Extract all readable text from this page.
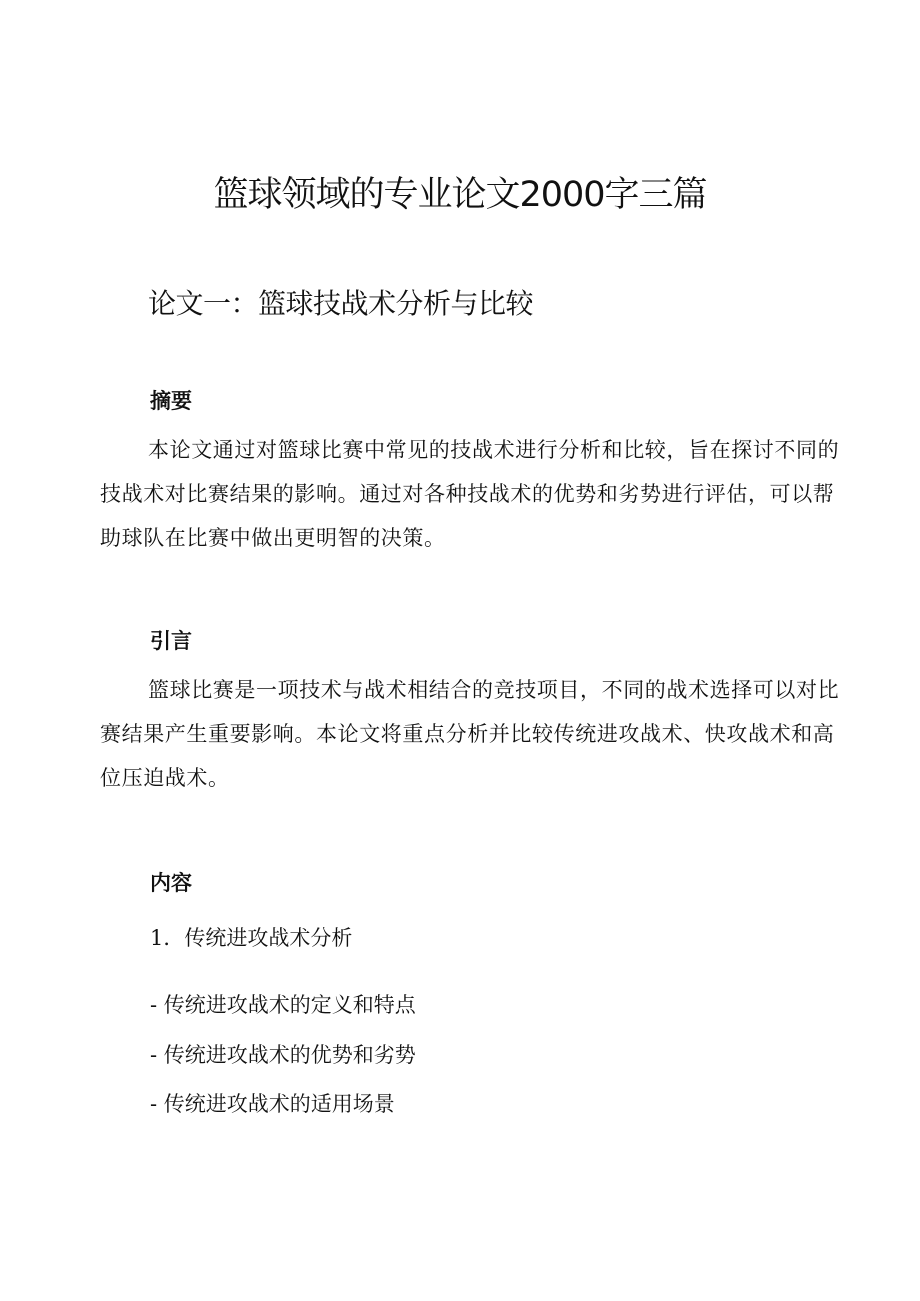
篮球领域的专业论文2000字三篇
论文一：篮球技战术分析与比较
摘要

本论文通过对篮球比赛中常见的技战术进行分析和比较，旨在探讨不同的技战术对比赛结果的影响。通过对各种技战术的优势和劣势进行评估，可以帮助球队在比赛中做出更明智的决策。

引言

篮球比赛是一项技术与战术相结合的竞技项目，不同的战术选择可以对比赛结果产生重要影响。本论文将重点分析并比较传统进攻战术、快攻战术和高位压迫战术。

内容

1．传统进攻战术分析

- 传统进攻战术的定义和特点

- 传统进攻战术的优势和劣势

- 传统进攻战术的适用场景
